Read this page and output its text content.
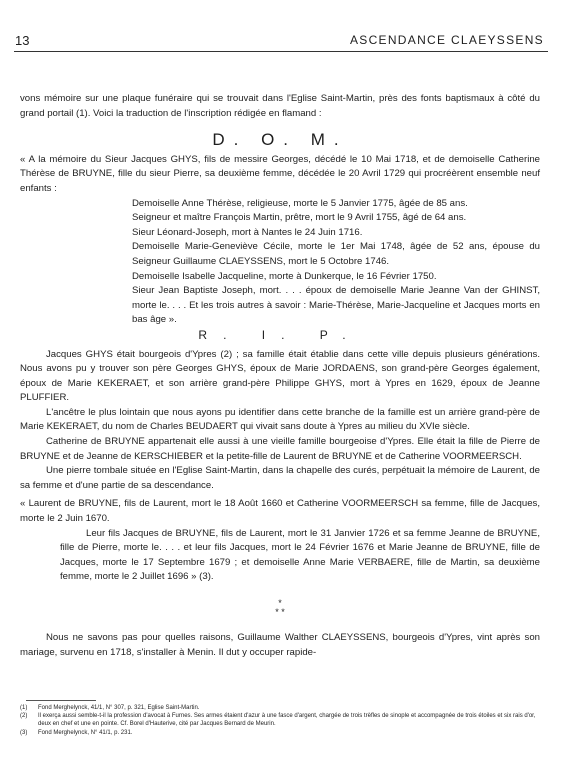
13	ASCENDANCE CLAEYSSENS

vons mémoire sur une plaque funéraire qui se trouvait dans l'Eglise Saint-Martin, près des fonts baptismaux à côté du grand portail (1). Voici la traduction de l'inscription rédigée en flamand :

D. O. M.

« A la mémoire du Sieur Jacques GHYS, fils de messire Georges, décédé le 10 Mai 1718, et de demoiselle Catherine Thérèse de BRUYNE, fille du sieur Pierre, sa deuxième femme, décédée le 20 Avril 1729 qui procréèrent ensemble neuf enfants :

Demoiselle Anne Thérèse, religieuse, morte le 5 Janvier 1775, âgée de 85 ans.

Seigneur et maître François Martin, prêtre, mort le 9 Avril 1755, âgé de 64 ans.

Sieur Léonard-Joseph, mort à Nantes le 24 Juin 1716.

Demoiselle Marie-Geneviève Cécile, morte le 1er Mai 1748, âgée de 52 ans, épouse du Seigneur Guillaume CLAEYSSENS, mort le 5 Octobre 1746.

Demoiselle Isabelle Jacqueline, morte à Dunkerque, le 16 Février 1750.

Sieur Jean Baptiste Joseph, mort. . . . époux de demoiselle Marie Jeanne Van der GHINST, morte le. . . . Et les trois autres à savoir : Marie-Thérèse, Marie-Jacqueline et Jacques morts en bas âge ».

R. I. P.

Jacques GHYS était bourgeois d'Ypres (2) ; sa famille était établie dans cette ville depuis plusieurs générations. Nous avons pu y trouver son père Georges GHYS, époux de Marie JORDAENS, son grand-père Georges également, époux de Marie KEKERAET, et son arrière grand-père Philippe GHYS, mort à Ypres en 1629, époux de Jeanne PLUFFIER.

L'ancêtre le plus lointain que nous ayons pu identifier dans cette branche de la famille est un arrière grand-père de Marie KEKERAET, du nom de Charles BEUDAERT qui vivait sans doute à Ypres au milieu du XVIe siècle.

Catherine de BRUYNE appartenait elle aussi à une vieille famille bourgeoise d'Ypres. Elle était la fille de Pierre de BRUYNE et de Jeanne de KERSCHIEBER et la petite-fille de Laurent de BRUYNE et de Catherine VOORMEERSCH.

Une pierre tombale située en l'Eglise Saint-Martin, dans la chapelle des curés, perpétuait la mémoire de Laurent, de sa femme et d'une partie de sa descendance.

« Laurent de BRUYNE, fils de Laurent, mort le 18 Août 1660 et Catherine VOORMEERSCH sa femme, fille de Jacques, morte le 2 Juin 1670.

Leur fils Jacques de BRUYNE, fils de Laurent, mort le 31 Janvier 1726 et sa femme Jeanne de BRUYNE, fille de Pierre, morte le. . . . et leur fils Jacques, mort le 24 Février 1676 et Marie Jeanne de BRUYNE, fille de Jacques, morte le 17 Septembre 1679 ; et demoiselle Anne Marie VERBAERE, fille de Martin, sa deuxième femme, morte le 2 Juillet 1696 » (3).

*
* *

Nous ne savons pas pour quelles raisons, Guillaume Walther CLAEYSSENS, bourgeois d'Ypres, vint après son mariage, survenu en 1718, s'installer à Menin. Il dut y occuper rapide-

(1)	Fond Merghelynck, 41/1, N° 307, p. 321, Eglise Saint-Martin.
(2)	Il exerça aussi semble-t-il la profession d'avocat à Furnes. Ses armes étaient d'azur à une fasce d'argent, chargée de trois trèfles de sinople et accompagnée de trois étoiles et six rais d'or, deux en chef et une en pointe. Cf. Borel d'Hauterive, cité par Jacques Bernard de Meurin.
(3)	Fond Merghelynck, N° 41/1, p. 231.
